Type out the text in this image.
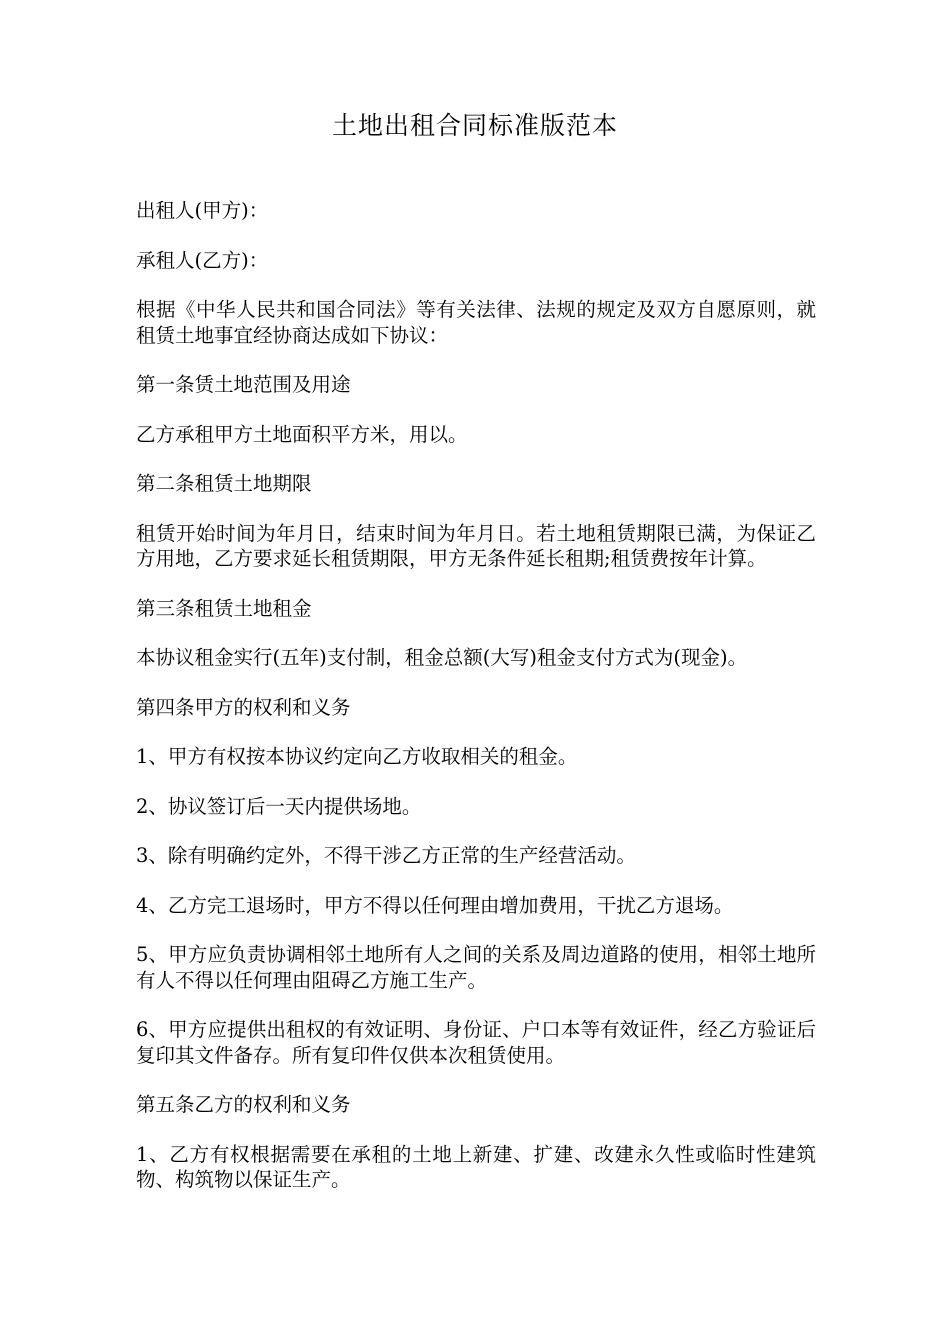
土地出租合同标准版范本

出租人(甲方)：

承租人(乙方)：

根据《中华人民共和国合同法》等有关法律、法规的规定及双方自愿原则，就租赁土地事宜经协商达成如下协议：

第一条赁土地范围及用途

乙方承租甲方土地面积平方米，用以。

第二条租赁土地期限

租赁开始时间为年月日，结束时间为年月日。若土地租赁期限已满，为保证乙方用地，乙方要求延长租赁期限，甲方无条件延长租期;租赁费按年计算。

第三条租赁土地租金

本协议租金实行(五年)支付制，租金总额(大写)租金支付方式为(现金)。

第四条甲方的权利和义务

1、甲方有权按本协议约定向乙方收取相关的租金。

2、协议签订后一天内提供场地。

3、除有明确约定外，不得干涉乙方正常的生产经营活动。

4、乙方完工退场时，甲方不得以任何理由增加费用，干扰乙方退场。

5、甲方应负责协调相邻土地所有人之间的关系及周边道路的使用，相邻土地所有人不得以任何理由阻碍乙方施工生产。

6、甲方应提供出租权的有效证明、身份证、户口本等有效证件，经乙方验证后复印其文件备存。所有复印件仅供本次租赁使用。

第五条乙方的权利和义务

1、乙方有权根据需要在承租的土地上新建、扩建、改建永久性或临时性建筑物、构筑物以保证生产。
